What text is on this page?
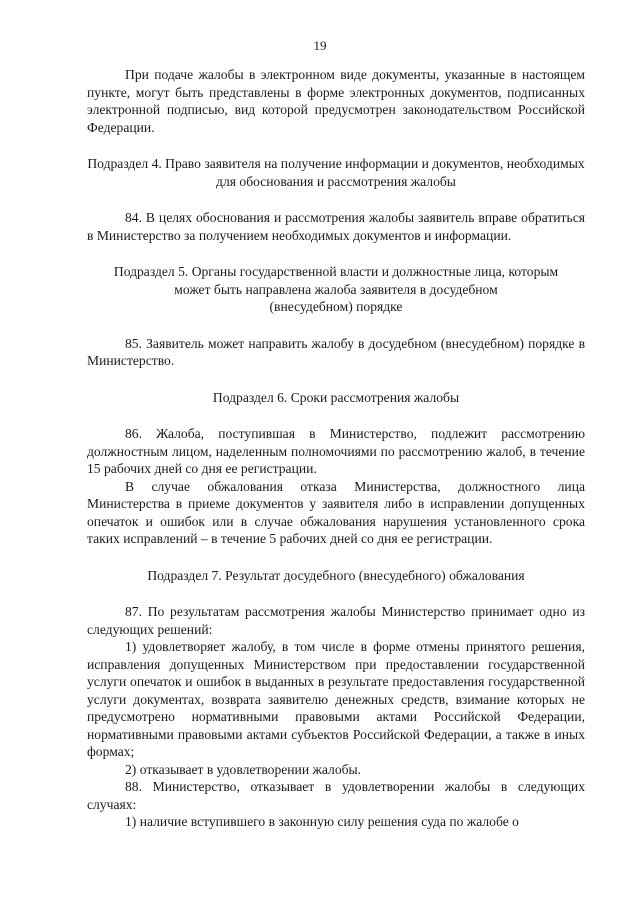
19

При подаче жалобы в электронном виде документы, указанные в настоящем пункте, могут быть представлены в форме электронных документов, подписанных электронной подписью, вид которой предусмотрен законодательством Российской Федерации.

Подраздел 4. Право заявителя на получение информации и документов, необходимых для обоснования и рассмотрения жалобы

84. В целях обоснования и рассмотрения жалобы заявитель вправе обратиться в Министерство за получением необходимых документов и информации.

Подраздел 5. Органы государственной власти и должностные лица, которым

может быть направлена жалоба заявителя в досудебном

(внесудебном) порядке

85. Заявитель может направить жалобу в досудебном (внесудебном) порядке в Министерство.

Подраздел 6. Сроки рассмотрения жалобы

86. Жалоба, поступившая в Министерство, подлежит рассмотрению должностным лицом, наделенным полномочиями по рассмотрению жалоб, в течение 15 рабочих дней со дня ее регистрации.

В случае обжалования отказа Министерства, должностного лица Министерства в приеме документов у заявителя либо в исправлении допущенных опечаток и ошибок или в случае обжалования нарушения установленного срока таких исправлений – в течение 5 рабочих дней со дня ее регистрации.

Подраздел 7. Результат досудебного (внесудебного) обжалования

87. По результатам рассмотрения жалобы Министерство принимает одно из следующих решений:

1) удовлетворяет жалобу, в том числе в форме отмены принятого решения, исправления допущенных Министерством при предоставлении государственной услуги опечаток и ошибок в выданных в результате предоставления государственной услуги документах, возврата заявителю денежных средств, взимание которых не предусмотрено нормативными правовыми актами Российской Федерации, нормативными правовыми актами субъектов Российской Федерации, а также в иных формах;

2) отказывает в удовлетворении жалобы.

88. Министерство, отказывает в удовлетворении жалобы в следующих случаях:

1) наличие вступившего в законную силу решения суда по жалобе о
